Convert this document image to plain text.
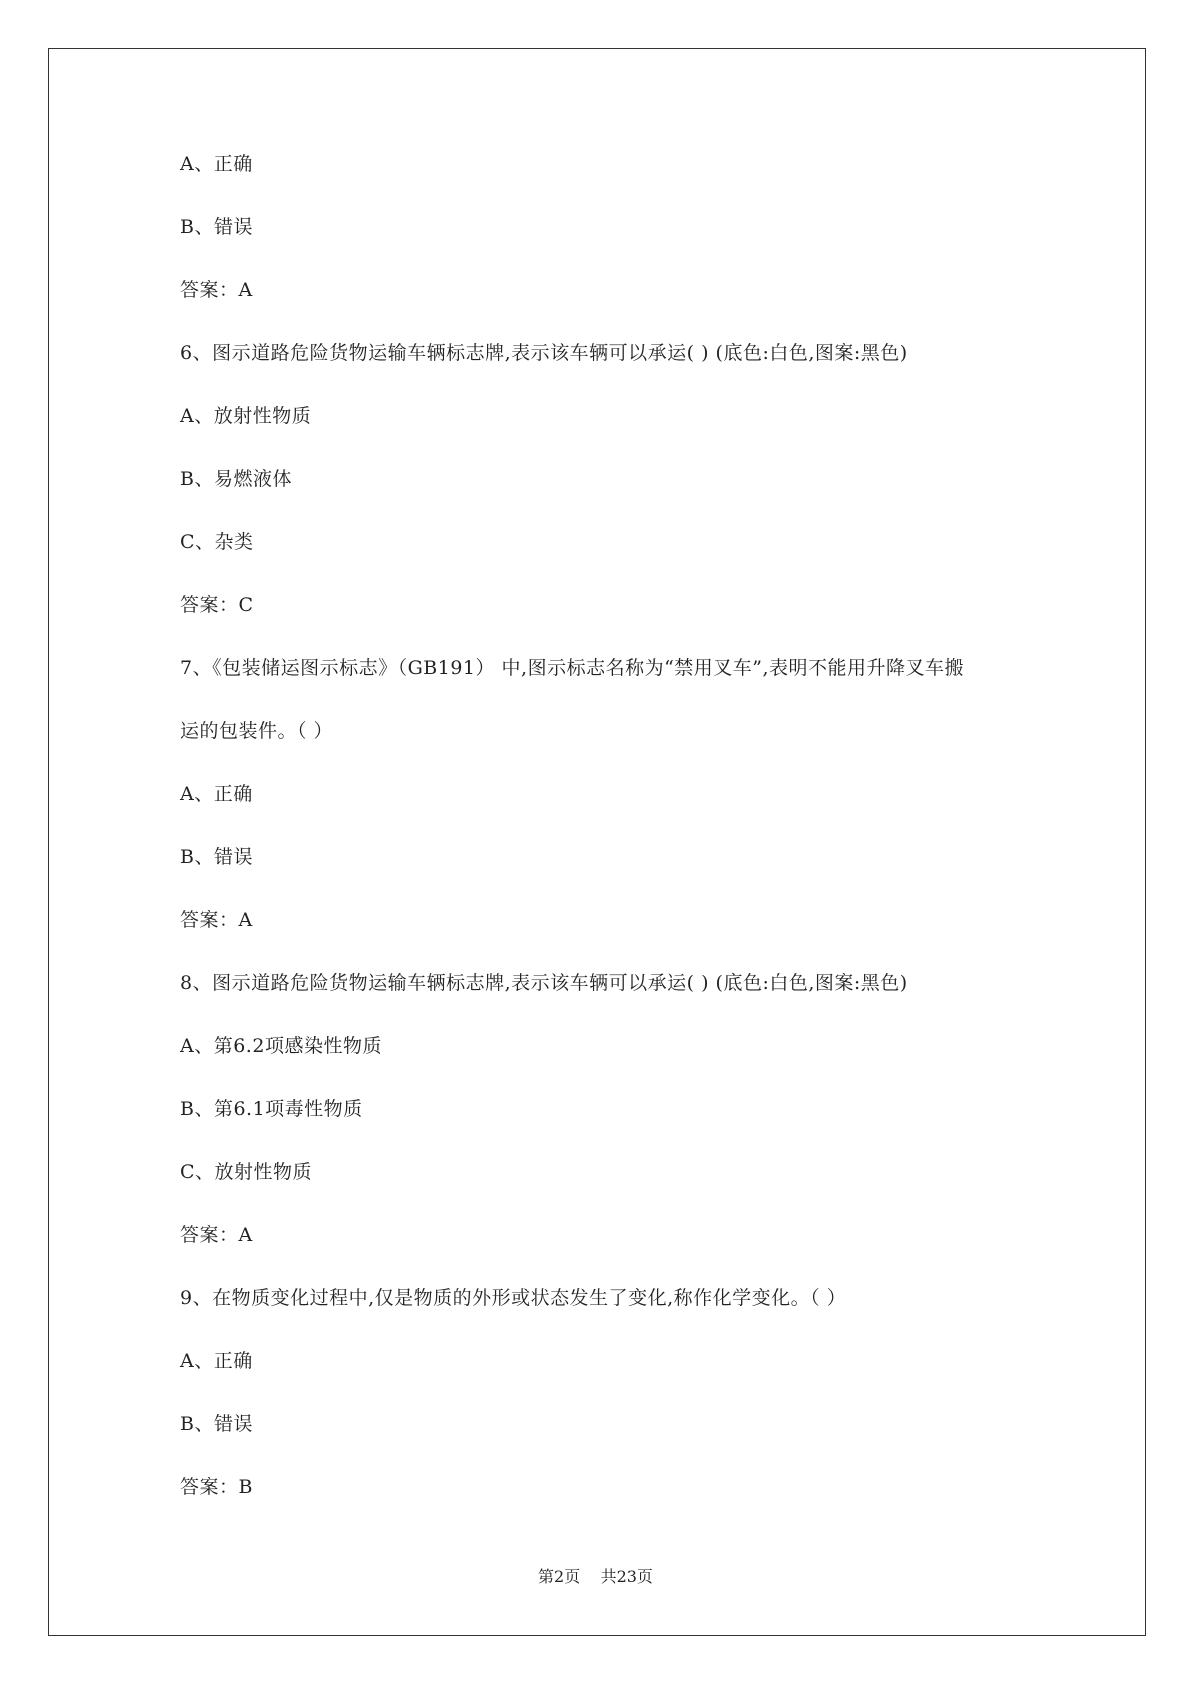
A、正确
B、错误
答案：A
6、图示道路危险货物运输车辆标志牌,表示该车辆可以承运( ) (底色:白色,图案:黑色)
A、放射性物质
B、易燃液体
C、杂类
答案：C
7、《包装储运图示标志》（GB191） 中,图示标志名称为“禁用叉车”,表明不能用升降叉车搬
运的包装件。（ ）
A、正确
B、错误
答案：A
8、图示道路危险货物运输车辆标志牌,表示该车辆可以承运( ) (底色:白色,图案:黑色)
A、第6.2项感染性物质
B、第6.1项毒性物质
C、放射性物质
答案：A
9、在物质变化过程中,仅是物质的外形或状态发生了变化,称作化学变化。（ ）
A、正确
B、错误
答案：B
第2页    共23页
